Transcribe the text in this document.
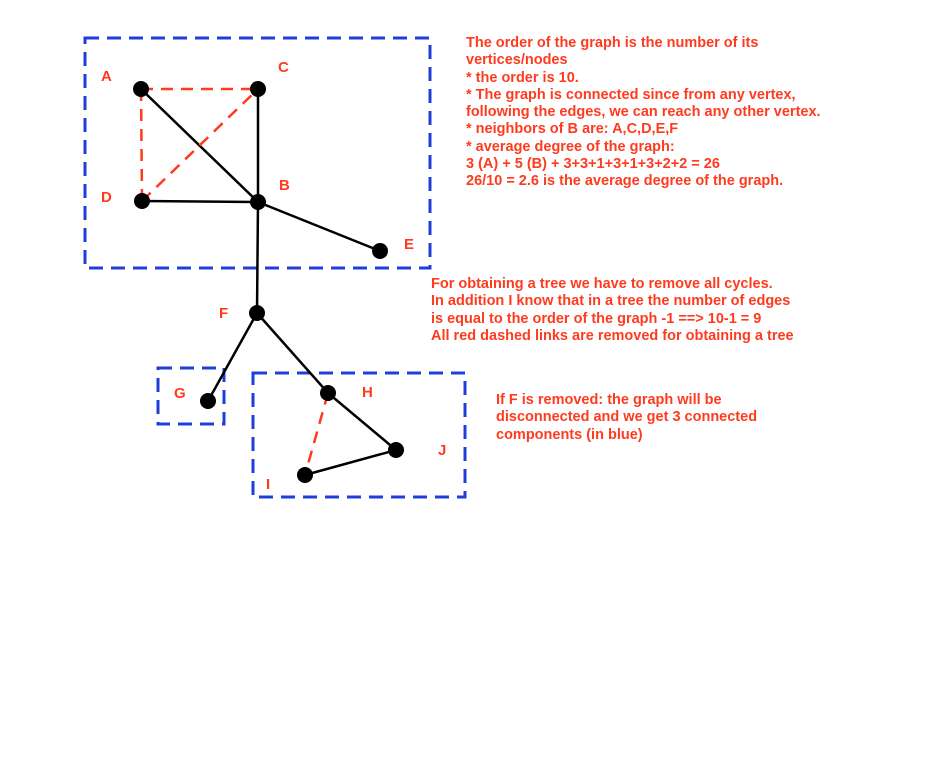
A
C
D
B
E
F
G	H
J
I
The order of the graph is the number of its
vertices/nodes
* the order is 10.
* The graph is connected since from any vertex,
following the edges, we can reach any other vertex.
* neighbors of B are: A,C,D,E,F
* average degree of the graph:
3 (A) + 5 (B) + 3+3+1+3+1+3+2+2 = 26
26/10 = 2.6 is the average degree of the graph.
For obtaining a tree we have to remove all cycles.
In addition I know that in a tree the number of edges
is equal to the order of the graph -1 ==> 10-1 = 9
All red dashed links are removed for obtaining a tree
If F is removed: the graph will be
disconnected and we get 3 connected
components (in blue)
